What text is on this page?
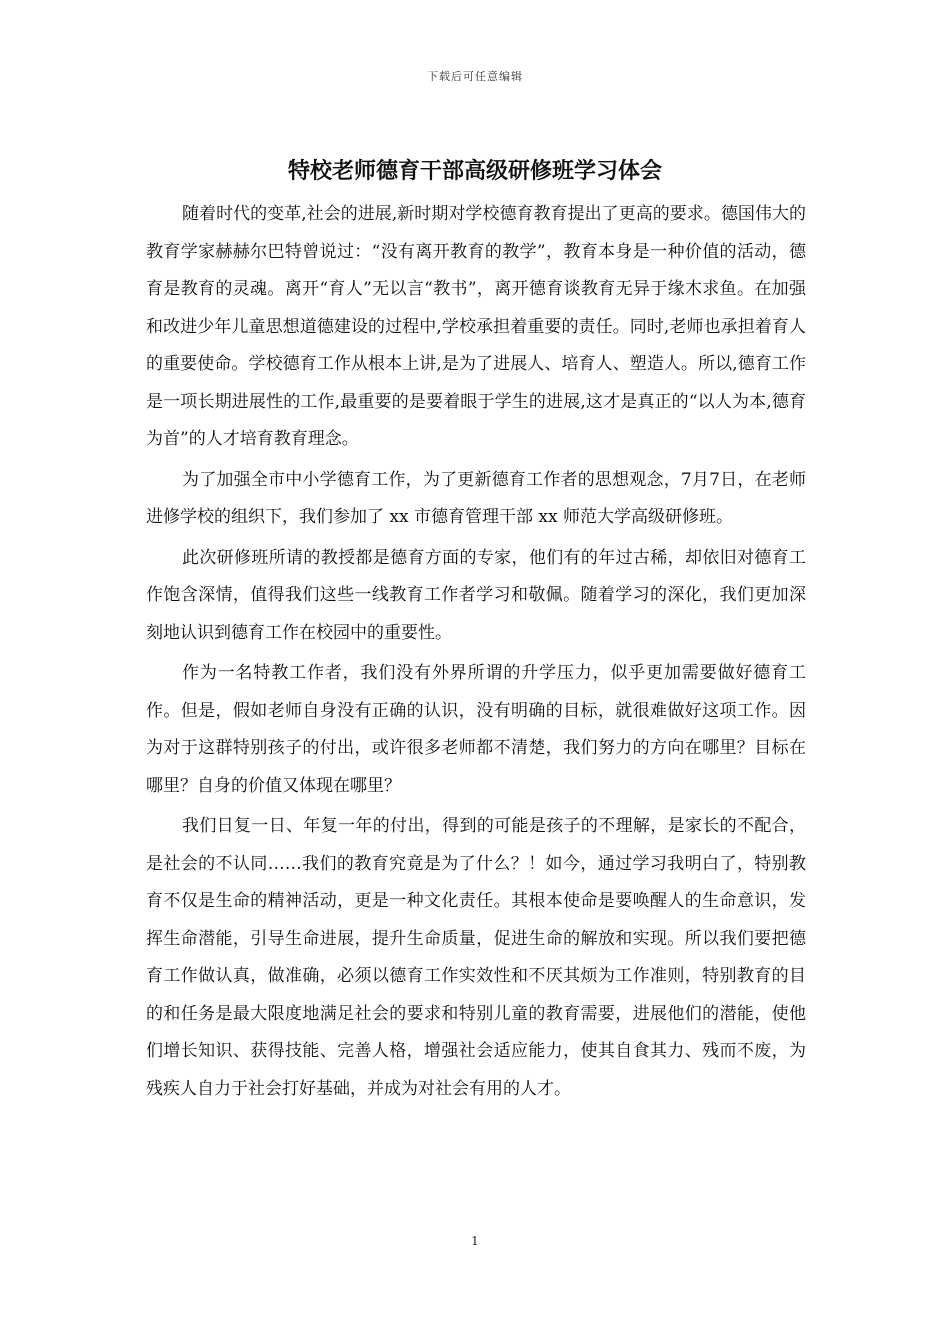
下载后可任意编辑
特校老师德育干部高级研修班学习体会

随着时代的变革,社会的进展,新时期对学校德育教育提出了更高的要求。德国伟大的教育学家赫赫尔巴特曾说过：“没有离开教育的教学”，教育本身是一种价值的活动，德育是教育的灵魂。离开“育人”无以言“教书”，离开德育谈教育无异于缘木求鱼。在加强和改进少年儿童思想道德建设的过程中,学校承担着重要的责任。同时,老师也承担着育人的重要使命。学校德育工作从根本上讲,是为了进展人、培育人、塑造人。所以,德育工作是一项长期进展性的工作,最重要的是要着眼于学生的进展,这才是真正的“以人为本,德育为首”的人才培育教育理念。

为了加强全市中小学德育工作，为了更新德育工作者的思想观念，7月7日，在老师进修学校的组织下，我们参加了 xx 市德育管理干部 xx 师范大学高级研修班。

此次研修班所请的教授都是德育方面的专家，他们有的年过古稀，却依旧对德育工作饱含深情，值得我们这些一线教育工作者学习和敬佩。随着学习的深化，我们更加深刻地认识到德育工作在校园中的重要性。

作为一名特教工作者，我们没有外界所谓的升学压力，似乎更加需要做好德育工作。但是，假如老师自身没有正确的认识，没有明确的目标，就很难做好这项工作。因为对于这群特别孩子的付出，或许很多老师都不清楚，我们努力的方向在哪里？目标在哪里？自身的价值又体现在哪里？

我们日复一日、年复一年的付出，得到的可能是孩子的不理解，是家长的不配合，是社会的不认同……我们的教育究竟是为了什么？！如今，通过学习我明白了，特别教育不仅是生命的精神活动，更是一种文化责任。其根本使命是要唤醒人的生命意识，发挥生命潜能，引导生命进展，提升生命质量，促进生命的解放和实现。所以我们要把德育工作做认真，做准确，必须以德育工作实效性和不厌其烦为工作准则，特别教育的目的和任务是最大限度地满足社会的要求和特别儿童的教育需要，进展他们的潜能，使他们增长知识、获得技能、完善人格，增强社会适应能力，使其自食其力、残而不废，为残疾人自力于社会打好基础，并成为对社会有用的人才。

1
